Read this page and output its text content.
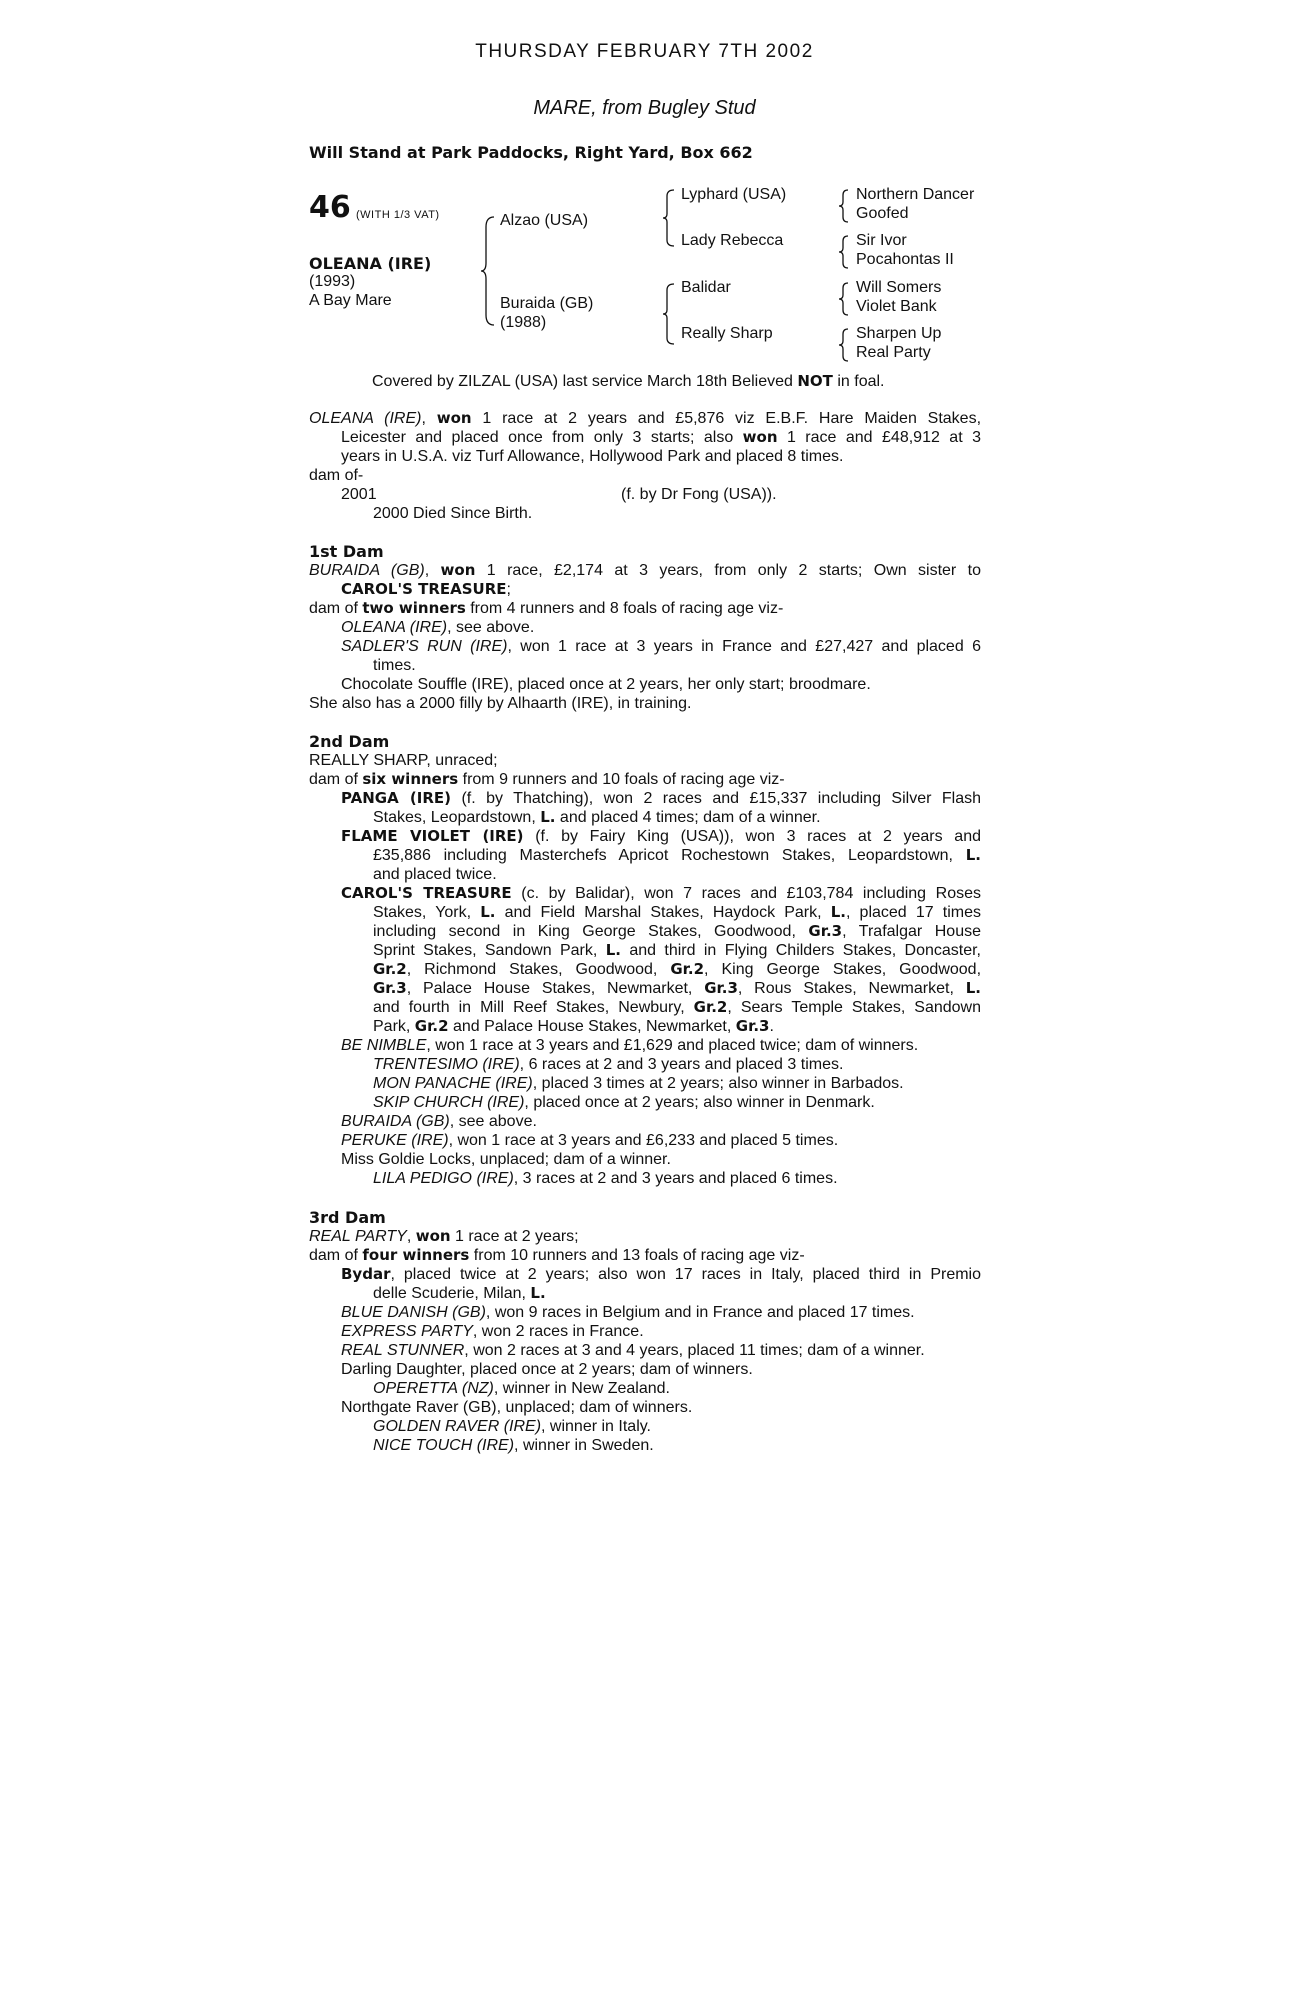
THURSDAY FEBRUARY 7TH 2002
MARE, from Bugley Stud
Will Stand at Park Paddocks, Right Yard, Box 662
46 (WITH 1/3 VAT)
OLEANA (IRE)
(1993)
A Bay Mare
Alzao (USA)
Buraida (GB)
(1988)
Lyphard (USA)
Lady Rebecca
Balidar
Really Sharp
Northern Dancer
Goofed
Sir Ivor
Pocahontas II
Will Somers
Violet Bank
Sharpen Up
Real Party
Covered by ZILZAL (USA) last service March 18th Believed NOT in foal.
OLEANA (IRE), won 1 race at 2 years and £5,876 viz E.B.F. Hare Maiden Stakes,
Leicester and placed once from only 3 starts; also won 1 race and £48,912 at 3
years in U.S.A. viz Turf Allowance, Hollywood Park and placed 8 times.
dam of-
2001	(f. by Dr Fong (USA)).
2000 Died Since Birth.
1st Dam
BURAIDA (GB), won 1 race, £2,174 at 3 years, from only 2 starts; Own sister to
CAROL'S TREASURE;
dam of two winners from 4 runners and 8 foals of racing age viz-
OLEANA (IRE), see above.
SADLER'S RUN (IRE), won 1 race at 3 years in France and £27,427 and placed 6
times.
Chocolate Souffle (IRE), placed once at 2 years, her only start; broodmare.
She also has a 2000 filly by Alhaarth (IRE), in training.
2nd Dam
REALLY SHARP, unraced;
dam of six winners from 9 runners and 10 foals of racing age viz-
PANGA (IRE) (f. by Thatching), won 2 races and £15,337 including Silver Flash
Stakes, Leopardstown, L. and placed 4 times; dam of a winner.
FLAME VIOLET (IRE) (f. by Fairy King (USA)), won 3 races at 2 years and
£35,886 including Masterchefs Apricot Rochestown Stakes, Leopardstown, L.
and placed twice.
CAROL'S TREASURE (c. by Balidar), won 7 races and £103,784 including Roses
Stakes, York, L. and Field Marshal Stakes, Haydock Park, L., placed 17 times
including second in King George Stakes, Goodwood, Gr.3, Trafalgar House
Sprint Stakes, Sandown Park, L. and third in Flying Childers Stakes, Doncaster,
Gr.2, Richmond Stakes, Goodwood, Gr.2, King George Stakes, Goodwood,
Gr.3, Palace House Stakes, Newmarket, Gr.3, Rous Stakes, Newmarket, L.
and fourth in Mill Reef Stakes, Newbury, Gr.2, Sears Temple Stakes, Sandown
Park, Gr.2 and Palace House Stakes, Newmarket, Gr.3.
BE NIMBLE, won 1 race at 3 years and £1,629 and placed twice; dam of winners.
TRENTESIMO (IRE), 6 races at 2 and 3 years and placed 3 times.
MON PANACHE (IRE), placed 3 times at 2 years; also winner in Barbados.
SKIP CHURCH (IRE), placed once at 2 years; also winner in Denmark.
BURAIDA (GB), see above.
PERUKE (IRE), won 1 race at 3 years and £6,233 and placed 5 times.
Miss Goldie Locks, unplaced; dam of a winner.
LILA PEDIGO (IRE), 3 races at 2 and 3 years and placed 6 times.
3rd Dam
REAL PARTY, won 1 race at 2 years;
dam of four winners from 10 runners and 13 foals of racing age viz-
Bydar, placed twice at 2 years; also won 17 races in Italy, placed third in Premio
delle Scuderie, Milan, L.
BLUE DANISH (GB), won 9 races in Belgium and in France and placed 17 times.
EXPRESS PARTY, won 2 races in France.
REAL STUNNER, won 2 races at 3 and 4 years, placed 11 times; dam of a winner.
Darling Daughter, placed once at 2 years; dam of winners.
OPERETTA (NZ), winner in New Zealand.
Northgate Raver (GB), unplaced; dam of winners.
GOLDEN RAVER (IRE), winner in Italy.
NICE TOUCH (IRE), winner in Sweden.
